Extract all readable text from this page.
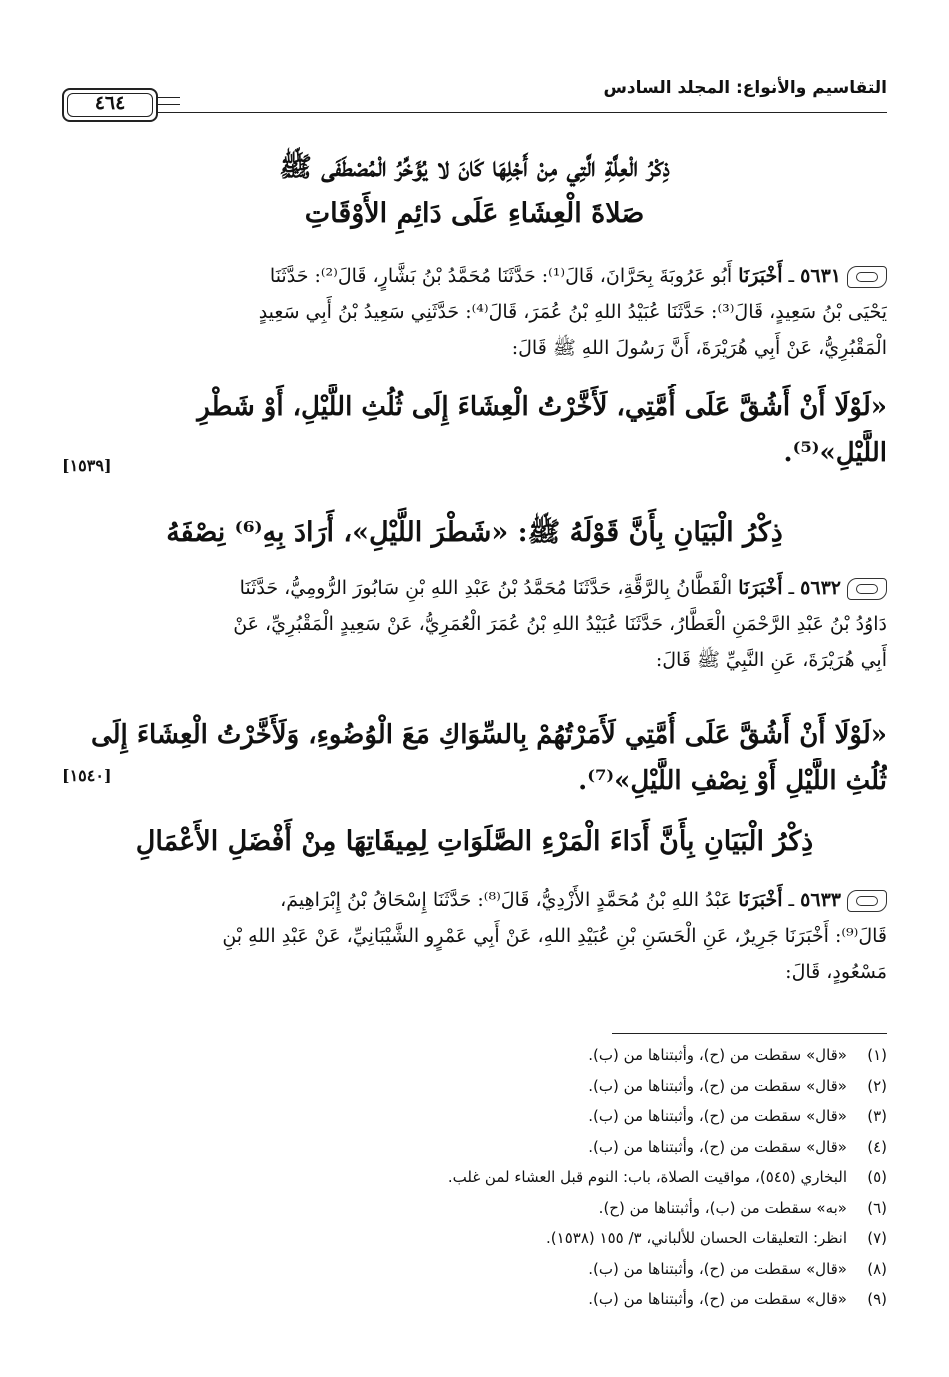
التقاسيم والأنواع: المجلد السادس
٤٦٤
ذِكْرُ الْعِلَّةِ الَّتِي مِنْ أَجْلِهَا كَانَ لا يُؤَخِّرُ الْمُصْطَفَى ﷺ
صَلاةَ الْعِشَاءِ عَلَى دَائِمِ الأَوْقَاتِ
٥٦٣١ ـ أَخْبَرَنَا أَبُو عَرُوبَةَ بِحَرَّانَ، قَالَ⁽¹⁾: حَدَّثَنَا مُحَمَّدُ بْنُ بَشَّارٍ، قَالَ⁽²⁾: حَدَّثَنَا
يَحْيَى بْنُ سَعِيدٍ، قَالَ⁽³⁾: حَدَّثَنَا عُبَيْدُ اللهِ بْنُ عُمَرَ، قَالَ⁽⁴⁾: حَدَّثَنِي سَعِيدُ بْنُ أَبِي سَعِيدٍ
الْمَقْبُرِيُّ، عَنْ أَبِي هُرَيْرَةَ، أَنَّ رَسُولَ اللهِ ﷺ قَالَ:
«لَوْلَا أَنْ أَشُقَّ عَلَى أُمَّتِي، لَأَخَّرْتُ الْعِشَاءَ إِلَى ثُلُثِ اللَّيْلِ، أَوْ شَطْرِ
اللَّيْلِ»⁽⁵⁾.
[١٥٣٩]
ذِكْرُ الْبَيَانِ بِأَنَّ قَوْلَهُ ﷺ: «شَطْرَ اللَّيْلِ»، أَرَادَ بِهِ⁽⁶⁾ نِصْفَهُ
٥٦٣٢ ـ أَخْبَرَنَا الْقَطَّانُ بِالرَّقَّةِ، حَدَّثَنَا مُحَمَّدُ بْنُ عَبْدِ اللهِ بْنِ سَابُورَ الرُّومِيُّ، حَدَّثَنَا
دَاوُدُ بْنُ عَبْدِ الرَّحْمَنِ الْعَطَّارُ، حَدَّثَنَا عُبَيْدُ اللهِ بْنُ عُمَرَ الْعُمَرِيُّ، عَنْ سَعِيدٍ الْمَقْبُرِيِّ، عَنْ
أَبِي هُرَيْرَةَ، عَنِ النَّبِيِّ ﷺ قَالَ:
«لَوْلَا أَنْ أَشُقَّ عَلَى أُمَّتِي لَأَمَرْتُهُمْ بِالسِّوَاكِ مَعَ الْوُضُوءِ، وَلَأَخَّرْتُ الْعِشَاءَ إِلَى
ثُلُثِ اللَّيْلِ أَوْ نِصْفِ اللَّيْلِ»⁽⁷⁾.
[١٥٤٠]
ذِكْرُ الْبَيَانِ بِأَنَّ أَدَاءَ الْمَرْءِ الصَّلَوَاتِ لِمِيقَاتِهَا مِنْ أَفْضَلِ الأَعْمَالِ
٥٦٣٣ ـ أَخْبَرَنَا عَبْدُ اللهِ بْنُ مُحَمَّدٍ الأَزْدِيُّ، قَالَ⁽⁸⁾: حَدَّثَنَا إِسْحَاقُ بْنُ إِبْرَاهِيمَ،
قَالَ⁽⁹⁾: أَخْبَرَنَا جَرِيرٌ، عَنِ الْحَسَنِ بْنِ عُبَيْدِ اللهِ، عَنْ أَبِي عَمْرٍو الشَّيْبَانِيِّ، عَنْ عَبْدِ اللهِ بْنِ
مَسْعُودٍ، قَالَ:
(١)«قال» سقطت من (ح)، وأثبتناها من (ب).
(٢)«قال» سقطت من (ح)، وأثبتناها من (ب).
(٣)«قال» سقطت من (ح)، وأثبتناها من (ب).
(٤)«قال» سقطت من (ح)، وأثبتناها من (ب).
(٥)البخاري (٥٤٥)، مواقيت الصلاة، باب: النوم قبل العشاء لمن غلب.
(٦)«به» سقطت من (ب)، وأثبتناها من (ح).
(٧)انظر: التعليقات الحسان للألباني، ٣/ ١٥٥ (١٥٣٨).
(٨)«قال» سقطت من (ح)، وأثبتناها من (ب).
(٩)«قال» سقطت من (ح)، وأثبتناها من (ب).
